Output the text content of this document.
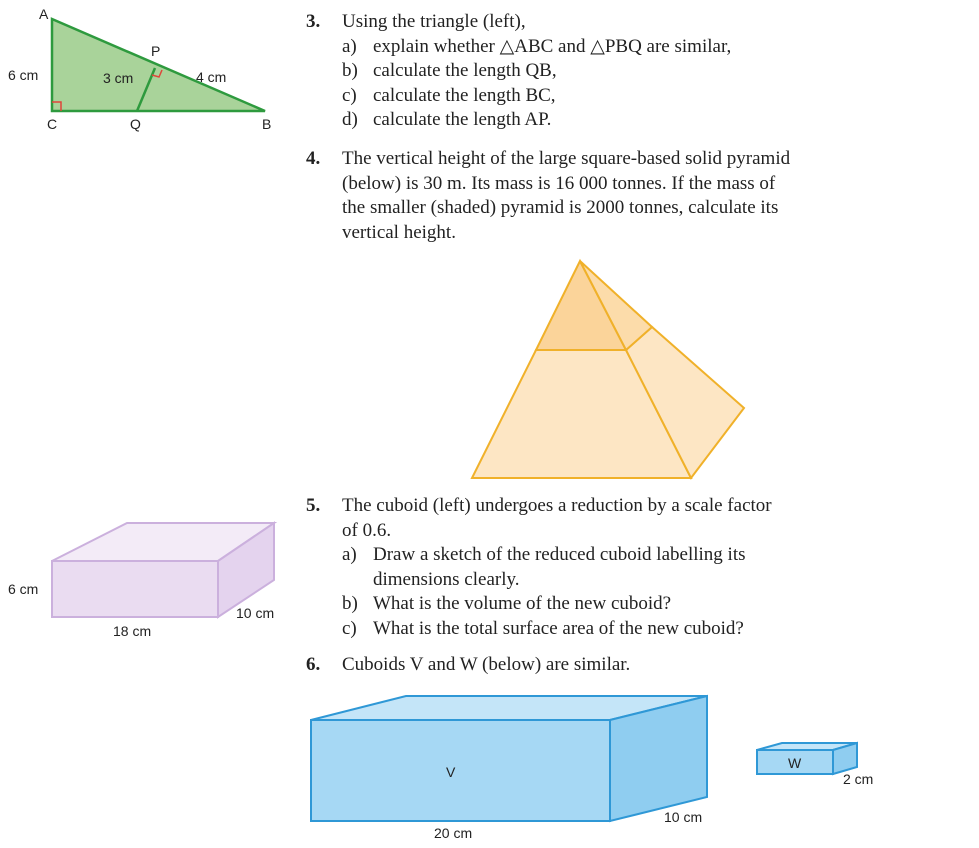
A
C	Q	B
P
6 cm	3 cm	4 cm
6 cm
18 cm
10 cm
V
20 cm
10 cm
W
2 cm
3.	Using the triangle (left),
a) explain whether △ABC and △PBQ are similar,
b) calculate the length QB,
c) calculate the length BC,
d) calculate the length AP.
4.	The vertical height of the large square-based solid pyramid
(below) is 30 m. Its mass is 16 000 tonnes. If the mass of
the smaller (shaded) pyramid is 2000 tonnes, calculate its
vertical height.
5.	The cuboid (left) undergoes a reduction by a scale factor
of 0.6.
a) Draw a sketch of the reduced cuboid labelling its
dimensions clearly.
b) What is the volume of the new cuboid?
c) What is the total surface area of the new cuboid?
6.	Cuboids V and W (below) are similar.
